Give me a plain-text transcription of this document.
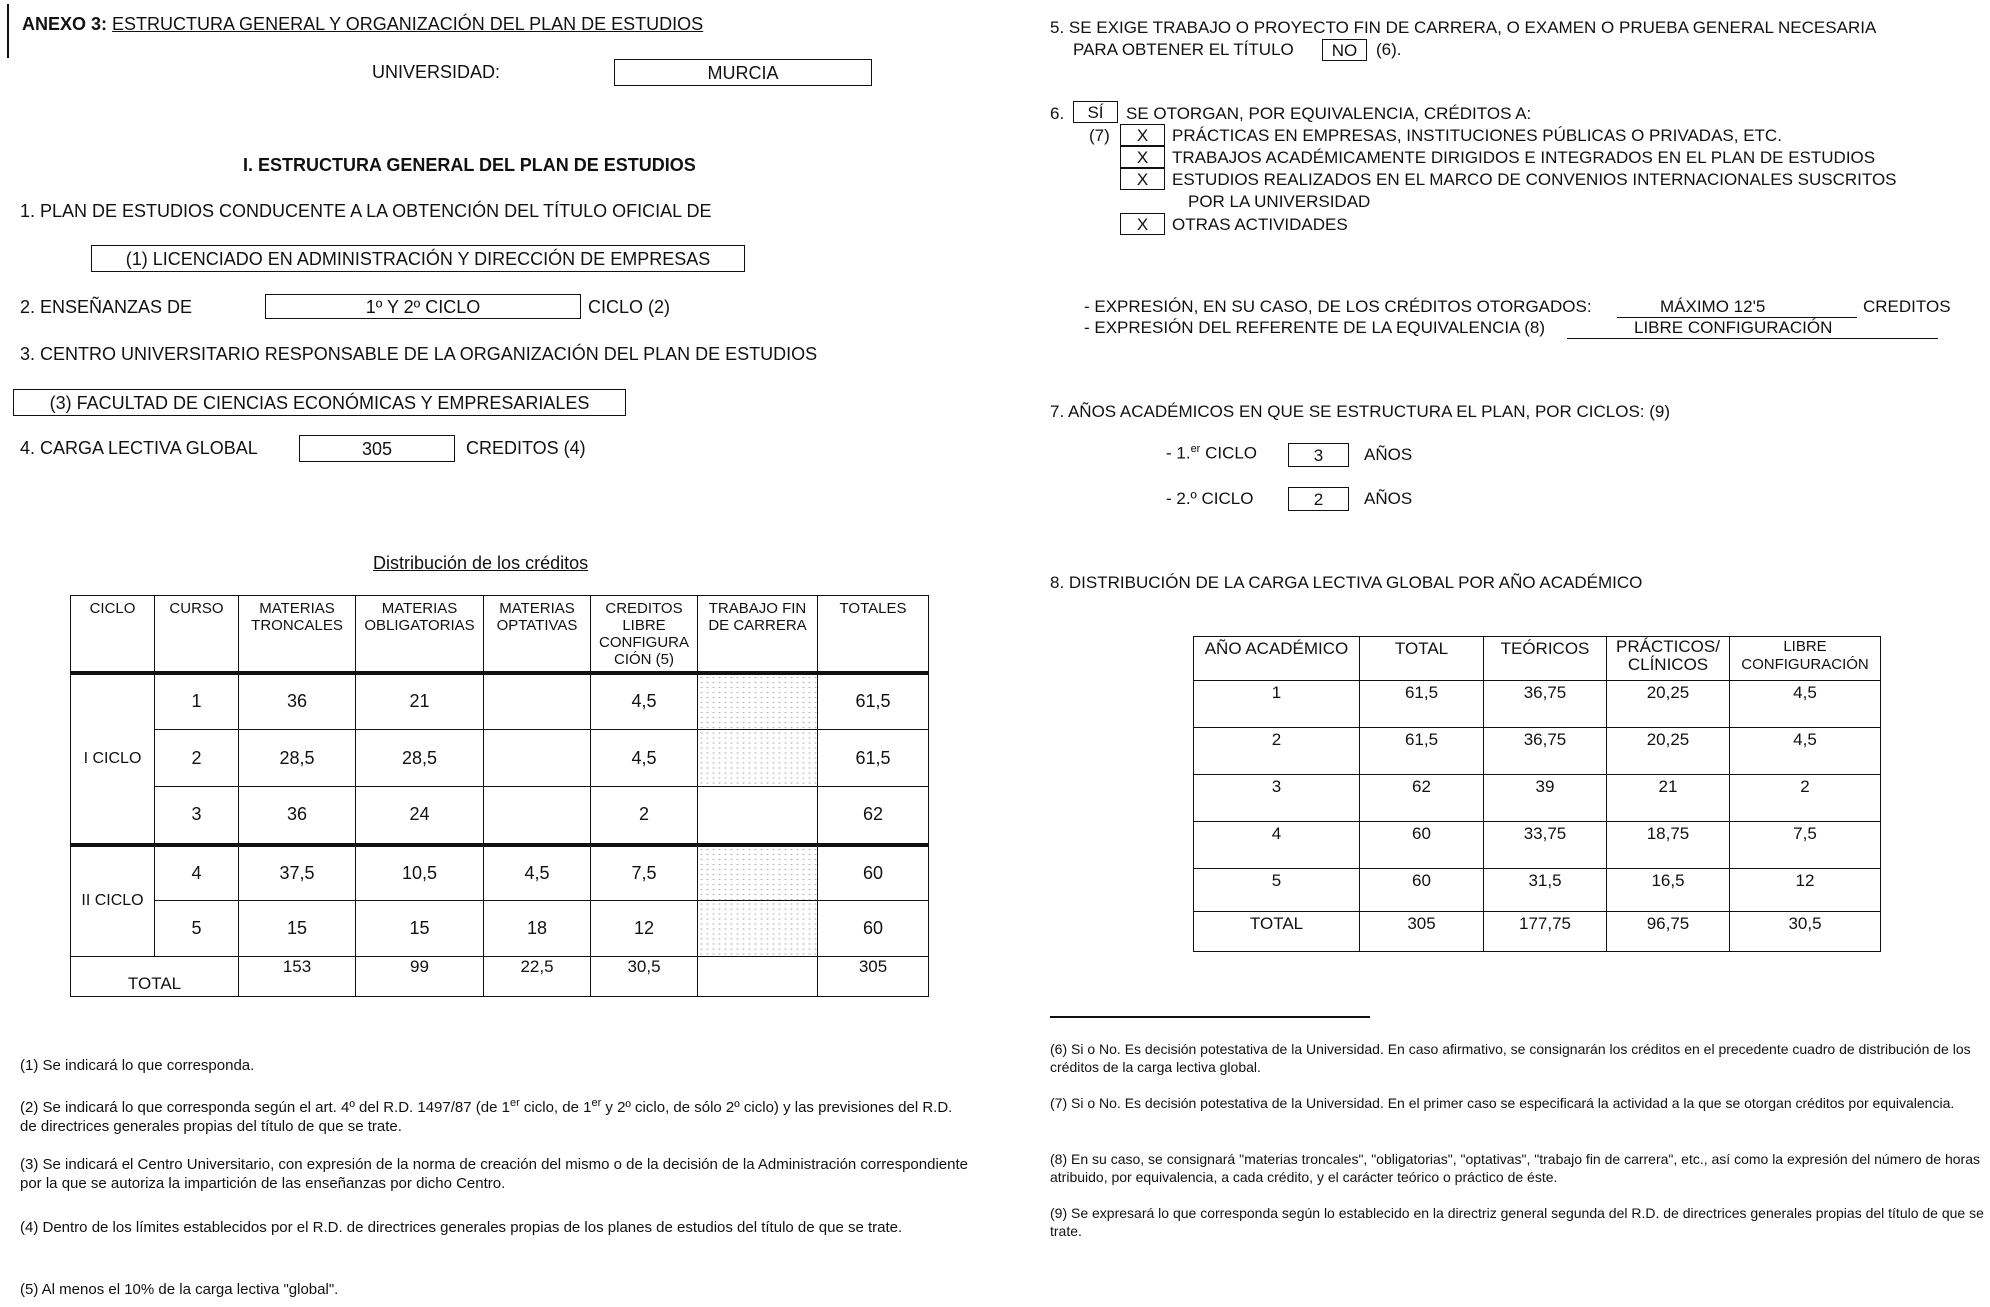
ANEXO 3: ESTRUCTURA GENERAL Y ORGANIZACIÓN DEL PLAN DE ESTUDIOS
UNIVERSIDAD:	MURCIA
I. ESTRUCTURA GENERAL DEL PLAN DE ESTUDIOS
1. PLAN DE ESTUDIOS CONDUCENTE A LA OBTENCIÓN DEL TÍTULO OFICIAL DE
(1) LICENCIADO EN ADMINISTRACIÓN Y DIRECCIÓN DE EMPRESAS
2. ENSEÑANZAS DE	1º Y 2º CICLO	CICLO (2)
3. CENTRO UNIVERSITARIO RESPONSABLE DE LA ORGANIZACIÓN DEL PLAN DE ESTUDIOS
(3) FACULTAD DE CIENCIAS ECONÓMICAS Y EMPRESARIALES
4. CARGA LECTIVA GLOBAL	305	CREDITOS (4)
Distribución de los créditos
CICLO	CURSO	MATERIAS TRONCALES	MATERIAS OBLIGATORIAS	MATERIAS OPTATIVAS	CREDITOS LIBRE CONFIGURA CIÓN (5)	TRABAJO FIN DE CARRERA	TOTALES
I CICLO	1	36	21		4,5		61,5
	2	28,5	28,5		4,5		61,5
	3	36	24		2		62
II CICLO	4	37,5	10,5	4,5	7,5		60
	5	15	15	18	12		60
TOTAL		153	99	22,5	30,5		305
(1) Se indicará lo que corresponda.
(2) Se indicará lo que corresponda según el art. 4º del R.D. 1497/87 (de 1er ciclo, de 1er y 2º ciclo, de sólo 2º ciclo) y las previsiones del R.D. de directrices generales propias del título de que se trate.
(3) Se indicará el Centro Universitario, con expresión de la norma de creación del mismo o de la decisión de la Administración correspondiente por la que se autoriza la impartición de las enseñanzas por dicho Centro.
(4) Dentro de los límites establecidos por el R.D. de directrices generales propias de los planes de estudios del título de que se trate.
(5) Al menos el 10% de la carga lectiva "global".
5. SE EXIGE TRABAJO O PROYECTO FIN DE CARRERA, O EXAMEN O PRUEBA GENERAL NECESARIA
PARA OBTENER EL TÍTULO	NO	(6).
6.	SÍ	SE OTORGAN, POR EQUIVALENCIA, CRÉDITOS A:
(7)	X	PRÁCTICAS EN EMPRESAS, INSTITUCIONES PÚBLICAS O PRIVADAS, ETC.
X	TRABAJOS ACADÉMICAMENTE DIRIGIDOS E INTEGRADOS EN EL PLAN DE ESTUDIOS
X	ESTUDIOS REALIZADOS EN EL MARCO DE CONVENIOS INTERNACIONALES SUSCRITOS
POR LA UNIVERSIDAD
X	OTRAS ACTIVIDADES
- EXPRESIÓN, EN SU CASO, DE LOS CRÉDITOS OTORGADOS:	MÁXIMO 12'5	CREDITOS
- EXPRESIÓN DEL REFERENTE DE LA EQUIVALENCIA (8)	LIBRE CONFIGURACIÓN
7. AÑOS ACADÉMICOS EN QUE SE ESTRUCTURA EL PLAN, POR CICLOS: (9)
- 1.$^{er}$ CICLO	3	AÑOS
- 2.º CICLO	2	AÑOS
8. DISTRIBUCIÓN DE LA CARGA LECTIVA GLOBAL POR AÑO ACADÉMICO
AÑO ACADÉMICO	TOTAL	TEÓRICOS	PRÁCTICOS/ CLÍNICOS	LIBRE CONFIGURACIÓN
1	61,5	36,75	20,25	4,5
2	61,5	36,75	20,25	4,5
3	62	39	21	2
4	60	33,75	18,75	7,5
5	60	31,5	16,5	12
TOTAL	305	177,75	96,75	30,5
(6) Si o No. Es decisión potestativa de la Universidad. En caso afirmativo, se consignarán los créditos en el precedente cuadro de distribución de los créditos de la carga lectiva global.
(7) Si o No. Es decisión potestativa de la Universidad. En el primer caso se especificará la actividad a la que se otorgan créditos por equivalencia.
(8) En su caso, se consignará "materias troncales", "obligatorias", "optativas", "trabajo fin de carrera", etc., así como la expresión del número de horas atribuido, por equivalencia, a cada crédito, y el carácter teórico o práctico de éste.
(9) Se expresará lo que corresponda según lo establecido en la directriz general segunda del R.D. de directrices generales propias del título de que se trate.
